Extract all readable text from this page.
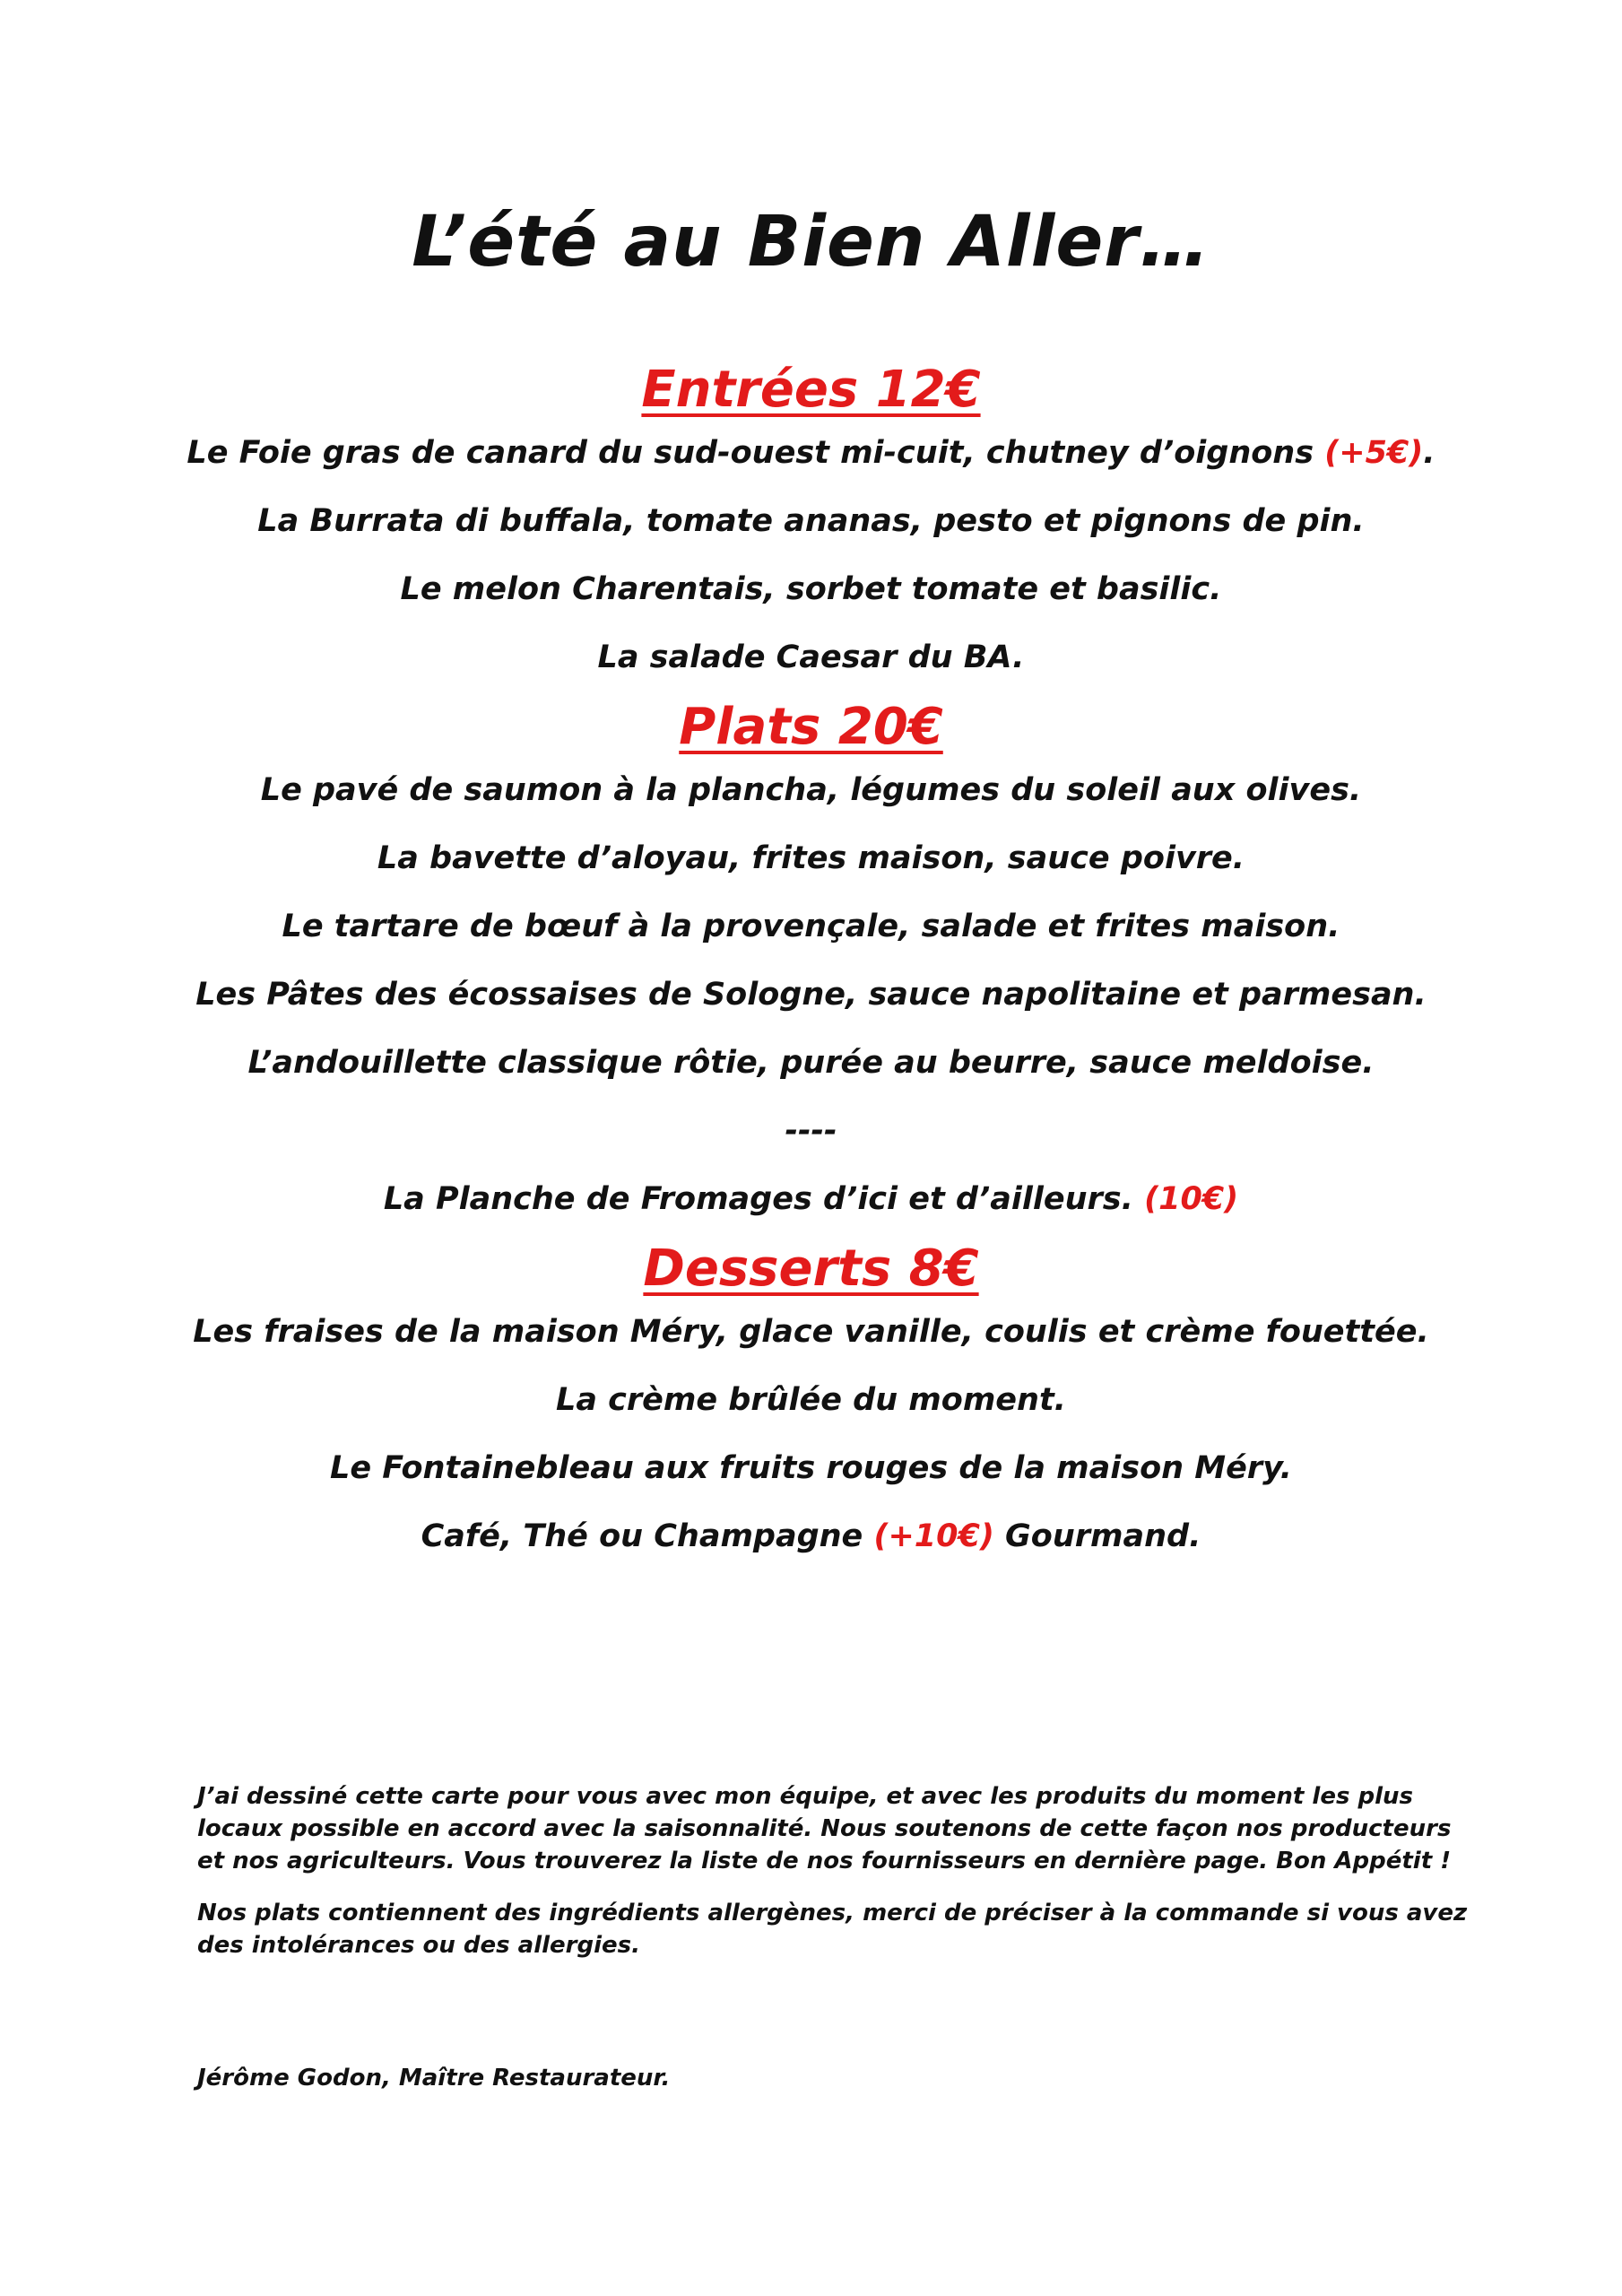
L’été au Bien Aller…
Entrées 12€
Le Foie gras de canard du sud-ouest mi-cuit, chutney d’oignons (+5€).
La Burrata di buffala, tomate ananas, pesto et pignons de pin.
Le melon Charentais, sorbet tomate et basilic.
La salade Caesar du BA.
Plats 20€
Le pavé de saumon à la plancha, légumes du soleil aux olives.
La bavette d’aloyau, frites maison, sauce poivre.
Le tartare de bœuf à la provençale, salade et frites maison.
Les Pâtes des écossaises de Sologne, sauce napolitaine et parmesan.
L’andouillette classique rôtie, purée au beurre, sauce meldoise.
----
La Planche de Fromages d’ici et d’ailleurs. (10€)
Desserts 8€
Les fraises de la maison Méry, glace vanille, coulis et crème fouettée.
La crème brûlée du moment.
Le Fontainebleau aux fruits rouges de la maison Méry.
Café, Thé ou Champagne (+10€) Gourmand.

J’ai dessiné cette carte pour vous avec mon équipe, et avec les produits du moment les plus locaux possible en accord avec la saisonnalité. Nous soutenons de cette façon nos producteurs et nos agriculteurs. Vous trouverez la liste de nos fournisseurs en dernière page. Bon Appétit !

Nos plats contiennent des ingrédients allergènes, merci de préciser à la commande si vous avez des intolérances ou des allergies.

Jérôme Godon, Maître Restaurateur.
